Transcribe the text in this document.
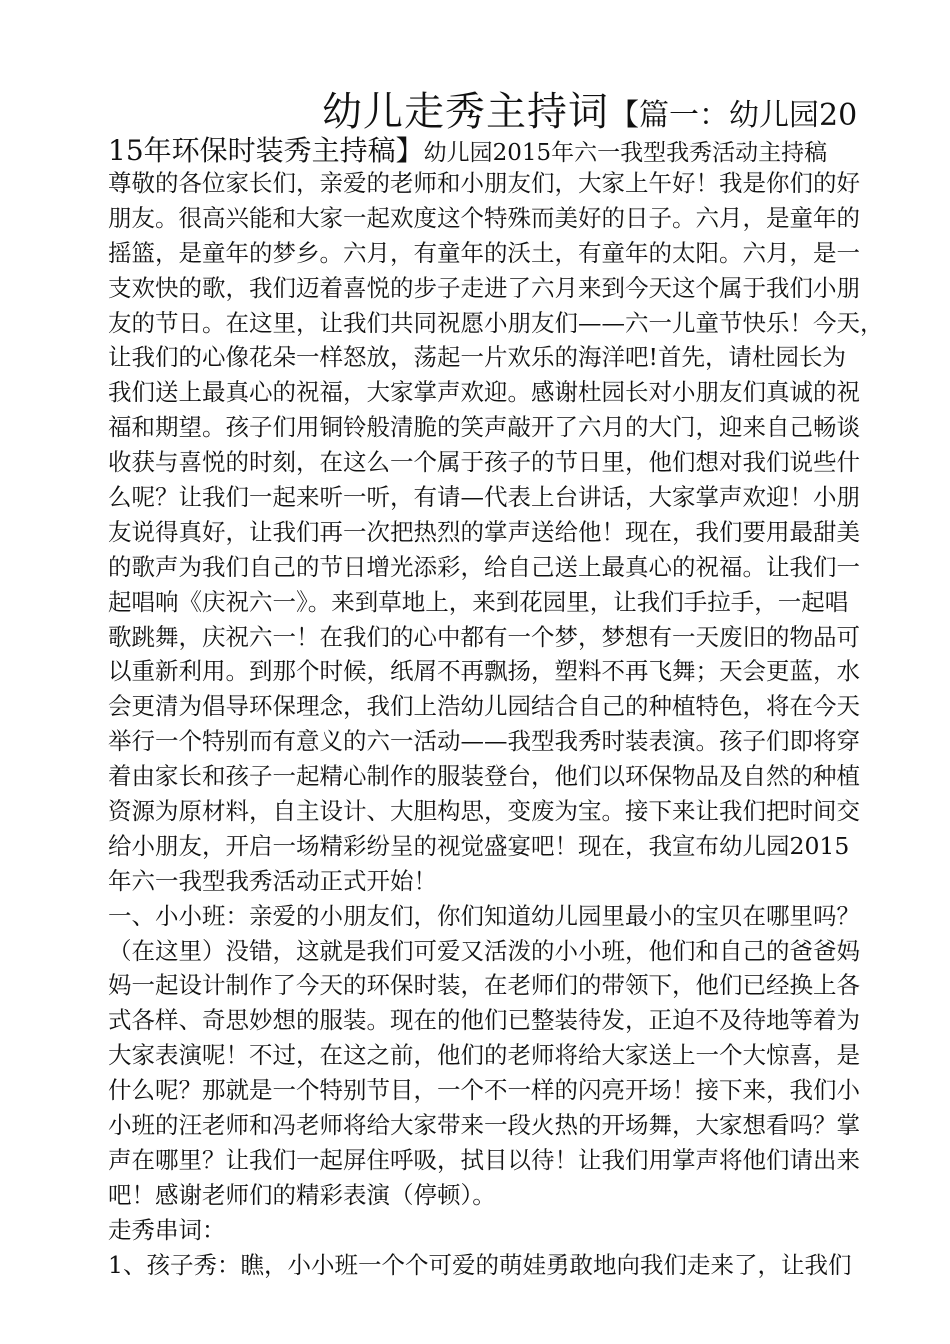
幼儿走秀主持词【篇一：幼儿园20
15年环保时装秀主持稿】幼儿园2015年六一我型我秀活动主持稿
尊敬的各位家长们，亲爱的老师和小朋友们，大家上午好！我是你们的好
朋友。很高兴能和大家一起欢度这个特殊而美好的日子。六月，是童年的
摇篮，是童年的梦乡。六月，有童年的沃土，有童年的太阳。六月，是一
支欢快的歌，我们迈着喜悦的步子走进了六月来到今天这个属于我们小朋
友的节日。在这里，让我们共同祝愿小朋友们——六一儿童节快乐！今天，
让我们的心像花朵一样怒放，荡起一片欢乐的海洋吧!首先，请杜园长为
我们送上最真心的祝福，大家掌声欢迎。感谢杜园长对小朋友们真诚的祝
福和期望。孩子们用铜铃般清脆的笑声敲开了六月的大门，迎来自己畅谈
收获与喜悦的时刻，在这么一个属于孩子的节日里，他们想对我们说些什
么呢？让我们一起来听一听，有请—代表上台讲话，大家掌声欢迎！小朋
友说得真好，让我们再一次把热烈的掌声送给他！现在，我们要用最甜美
的歌声为我们自己的节日增光添彩，给自己送上最真心的祝福。让我们一
起唱响《庆祝六一》。来到草地上，来到花园里，让我们手拉手，一起唱
歌跳舞，庆祝六一！在我们的心中都有一个梦，梦想有一天废旧的物品可
以重新利用。到那个时候，纸屑不再飘扬，塑料不再飞舞；天会更蓝，水
会更清为倡导环保理念，我们上浩幼儿园结合自己的种植特色，将在今天
举行一个特别而有意义的六一活动——我型我秀时装表演。孩子们即将穿
着由家长和孩子一起精心制作的服装登台，他们以环保物品及自然的种植
资源为原材料，自主设计、大胆构思，变废为宝。接下来让我们把时间交
给小朋友，开启一场精彩纷呈的视觉盛宴吧！现在，我宣布幼儿园2015
年六一我型我秀活动正式开始！
一、小小班：亲爱的小朋友们，你们知道幼儿园里最小的宝贝在哪里吗？
（在这里）没错，这就是我们可爱又活泼的小小班，他们和自己的爸爸妈
妈一起设计制作了今天的环保时装，在老师们的带领下，他们已经换上各
式各样、奇思妙想的服装。现在的他们已整装待发，正迫不及待地等着为
大家表演呢！不过，在这之前，他们的老师将给大家送上一个大惊喜，是
什么呢？那就是一个特别节目，一个不一样的闪亮开场！接下来，我们小
小班的汪老师和冯老师将给大家带来一段火热的开场舞，大家想看吗？掌
声在哪里？让我们一起屏住呼吸，拭目以待！让我们用掌声将他们请出来
吧！感谢老师们的精彩表演（停顿）。
走秀串词：
1、孩子秀：瞧，小小班一个个可爱的萌娃勇敢地向我们走来了，让我们
